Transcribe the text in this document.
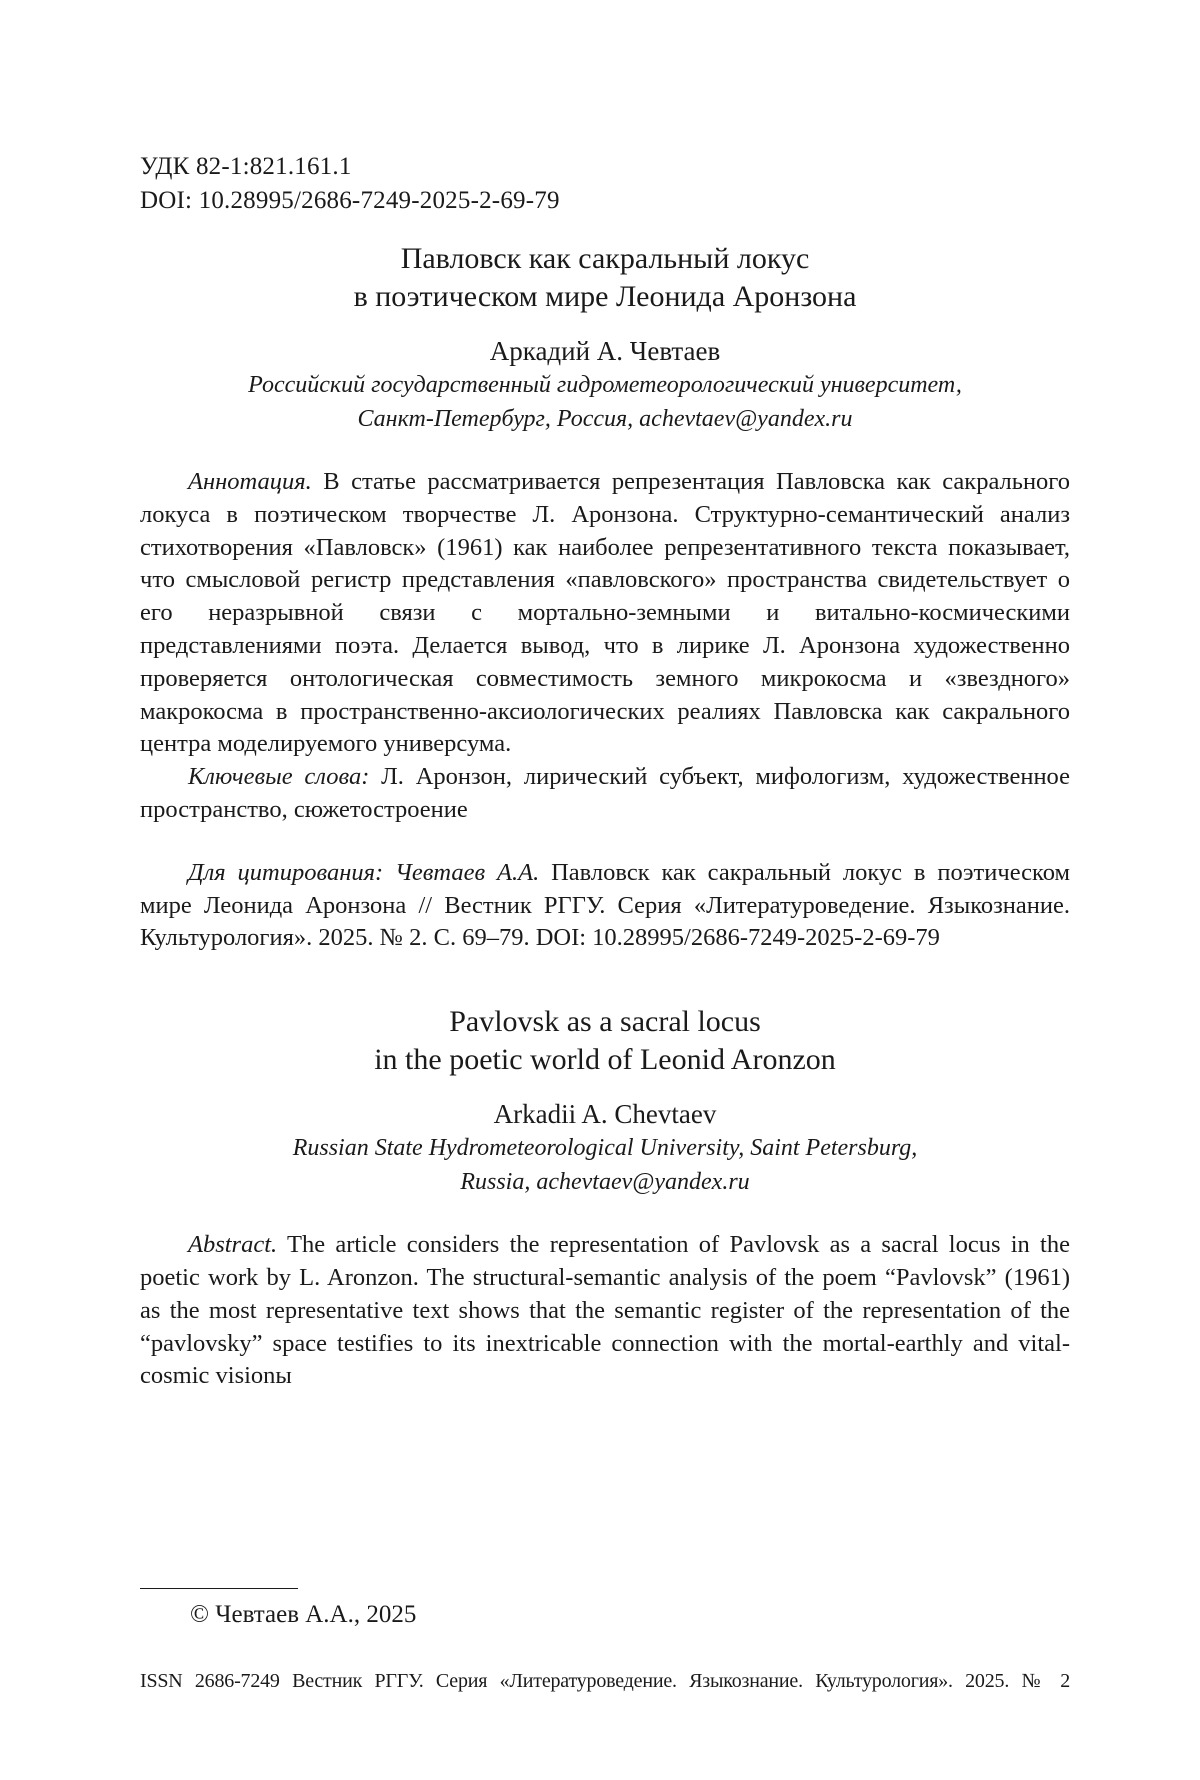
УДК 82-1:821.161.1
DOI: 10.28995/2686-7249-2025-2-69-79
Павловск как сакральный локус
в поэтическом мире Леонида Аронзона
Аркадий А. Чевтаев
Российский государственный гидрометеорологический университет,
Санкт-Петербург, Россия, achevtaev@yandex.ru

Аннотация. В статье рассматривается репрезентация Павловска как сакрального локуса в поэтическом творчестве Л. Аронзона. Структурно-семантический анализ стихотворения «Павловск» (1961) как наиболее репрезентативного текста показывает, что смысловой регистр представления «павловского» пространства свидетельствует о его неразрывной связи с мортально-земными и витально-космическими представлениями поэта. Делается вывод, что в лирике Л. Аронзона художественно проверяется онтологическая совместимость земного микрокосма и «звездного» макрокосма в пространственно-аксиологических реалиях Павловска как сакрального центра моделируемого универсума.

Ключевые слова: Л. Аронзон, лирический субъект, мифологизм, художественное пространство, сюжетостроение

Для цитирования: Чевтаев А.А. Павловск как сакральный локус в поэтическом мире Леонида Аронзона // Вестник РГГУ. Серия «Литературоведение. Языкознание. Культурология». 2025. № 2. С. 69–79. DOI: 10.28995/2686-7249-2025-2-69-79

Pavlovsk as a sacral locus
in the poetic world of Leonid Aronzon
Arkadii A. Chevtaev
Russian State Hydrometeorological University, Saint Petersburg,
Russia, achevtaev@yandex.ru

Abstract. The article considers the representation of Pavlovsk as a sacral locus in the poetic work by L. Aronzon. The structural-semantic analysis of the poem “Pavlovsk” (1961) as the most representative text shows that the semantic register of the representation of the “pavlovsky” space testifies to its inextricable connection with the mortal-earthly and vital-cosmic visionы

© Чевтаев А.А., 2025
ISSN 2686-7249 Вестник РГГУ. Серия «Литературоведение. Языкознание. Культурология». 2025. № 2
